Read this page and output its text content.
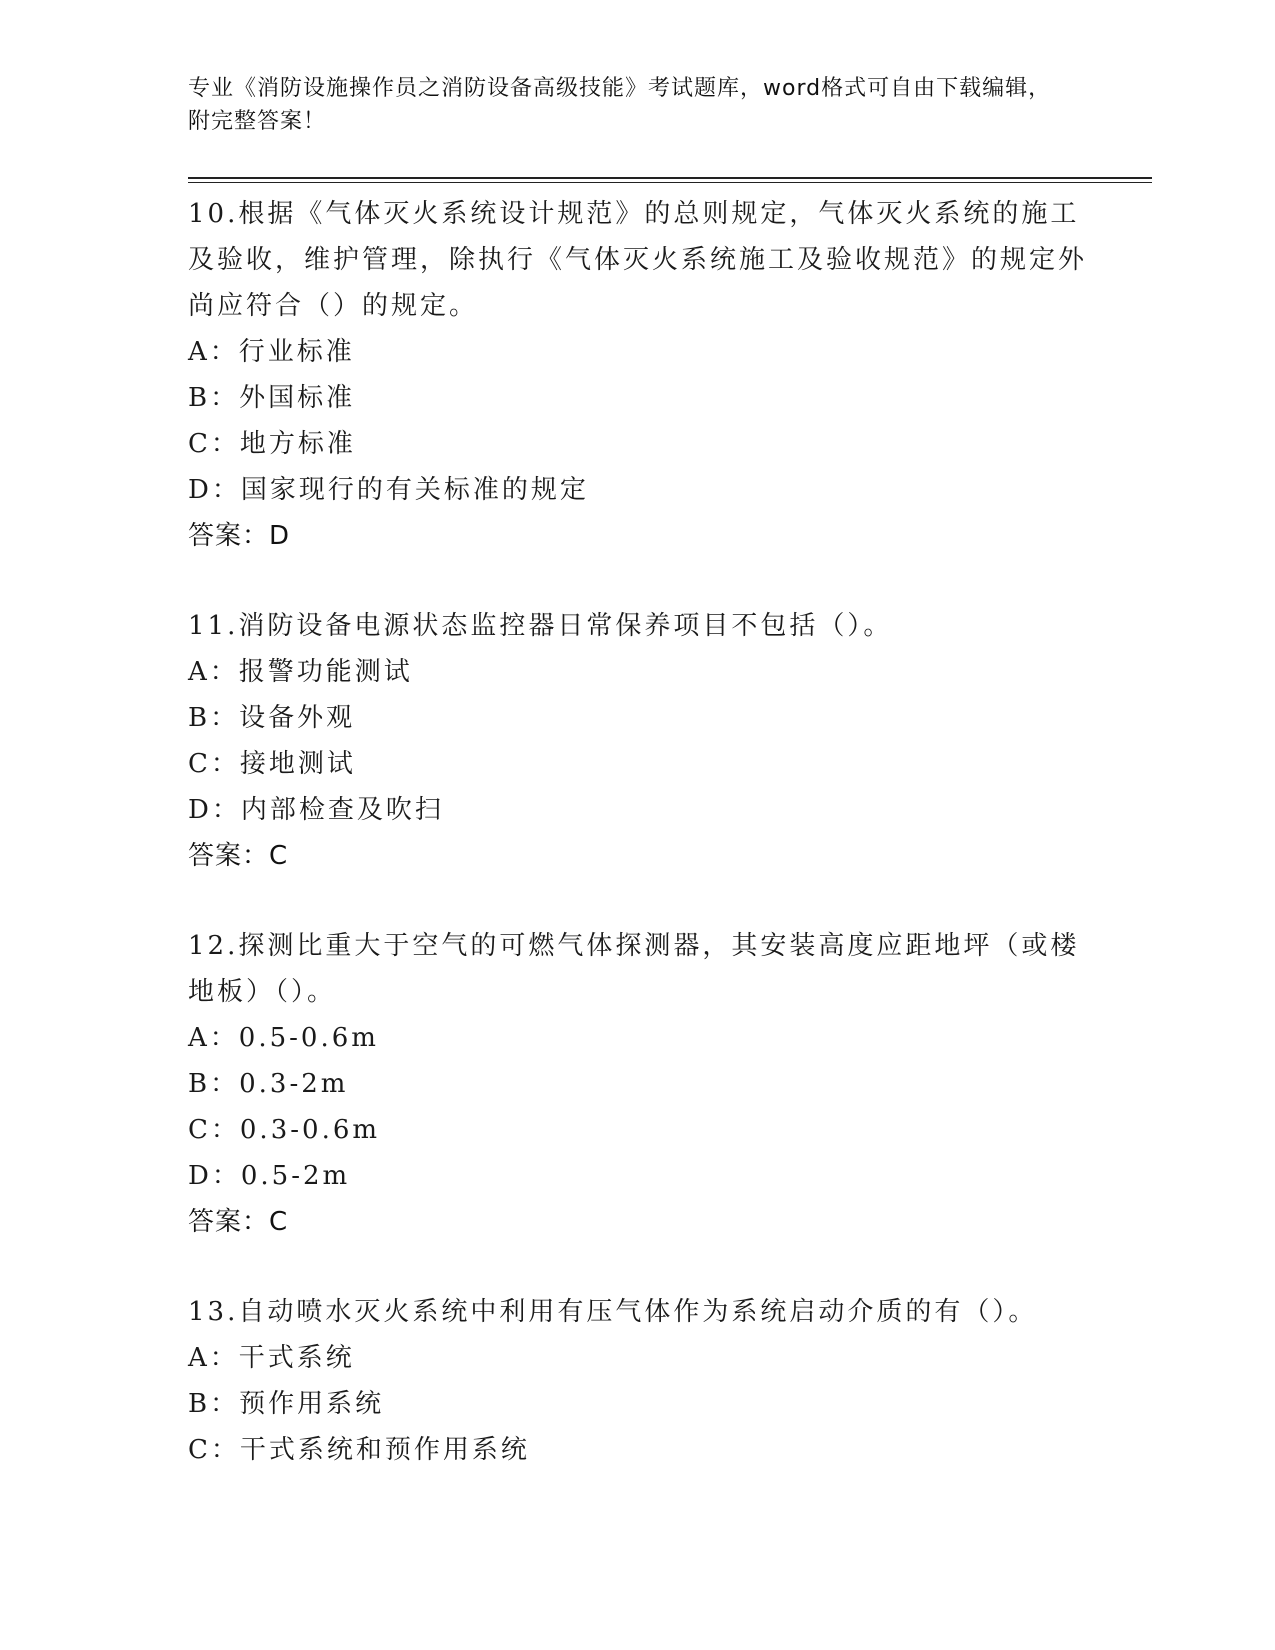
专业《消防设施操作员之消防设备高级技能》考试题库，word格式可自由下载编辑，附完整答案！

10.根据《气体灭火系统设计规范》的总则规定，气体灭火系统的施工及验收，维护管理，除执行《气体灭火系统施工及验收规范》的规定外尚应符合（）的规定。

A：行业标准

B：外国标准

C：地方标准

D：国家现行的有关标准的规定

答案：D

11.消防设备电源状态监控器日常保养项目不包括（）。

A：报警功能测试

B：设备外观

C：接地测试

D：内部检查及吹扫

答案：C

12.探测比重大于空气的可燃气体探测器，其安装高度应距地坪（或楼地板）（）。

A：0.5-0.6m

B：0.3-2m

C：0.3-0.6m

D：0.5-2m

答案：C

13.自动喷水灭火系统中利用有压气体作为系统启动介质的有（）。

A：干式系统

B：预作用系统

C：干式系统和预作用系统
